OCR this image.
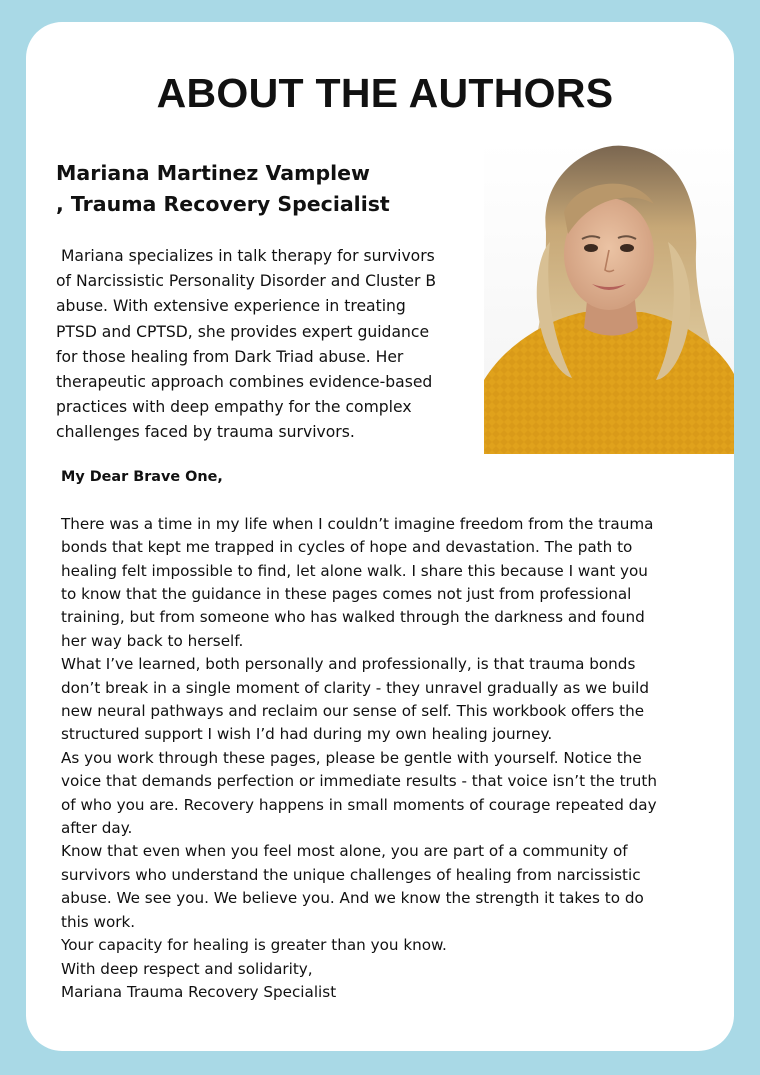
ABOUT THE AUTHORS
Mariana Martinez Vamplew
, Trauma Recovery Specialist
Mariana specializes in talk therapy for survivors
of Narcissistic Personality Disorder and Cluster B
abuse. With extensive experience in treating
PTSD and CPTSD, she provides expert guidance
for those healing from Dark Triad abuse. Her
therapeutic approach combines evidence-based
practices with deep empathy for the complex
challenges faced by trauma survivors.

My Dear Brave One,

There was a time in my life when I couldn’t imagine freedom from the trauma
bonds that kept me trapped in cycles of hope and devastation. The path to
healing felt impossible to find, let alone walk. I share this because I want you
to know that the guidance in these pages comes not just from professional
training, but from someone who has walked through the darkness and found
her way back to herself.

What I’ve learned, both personally and professionally, is that trauma bonds
don’t break in a single moment of clarity - they unravel gradually as we build
new neural pathways and reclaim our sense of self. This workbook offers the
structured support I wish I’d had during my own healing journey.

As you work through these pages, please be gentle with yourself. Notice the
voice that demands perfection or immediate results - that voice isn’t the truth
of who you are. Recovery happens in small moments of courage repeated day
after day.

Know that even when you feel most alone, you are part of a community of
survivors who understand the unique challenges of healing from narcissistic
abuse. We see you. We believe you. And we know the strength it takes to do
this work.

Your capacity for healing is greater than you know.

With deep respect and solidarity,

Mariana Trauma Recovery Specialist
